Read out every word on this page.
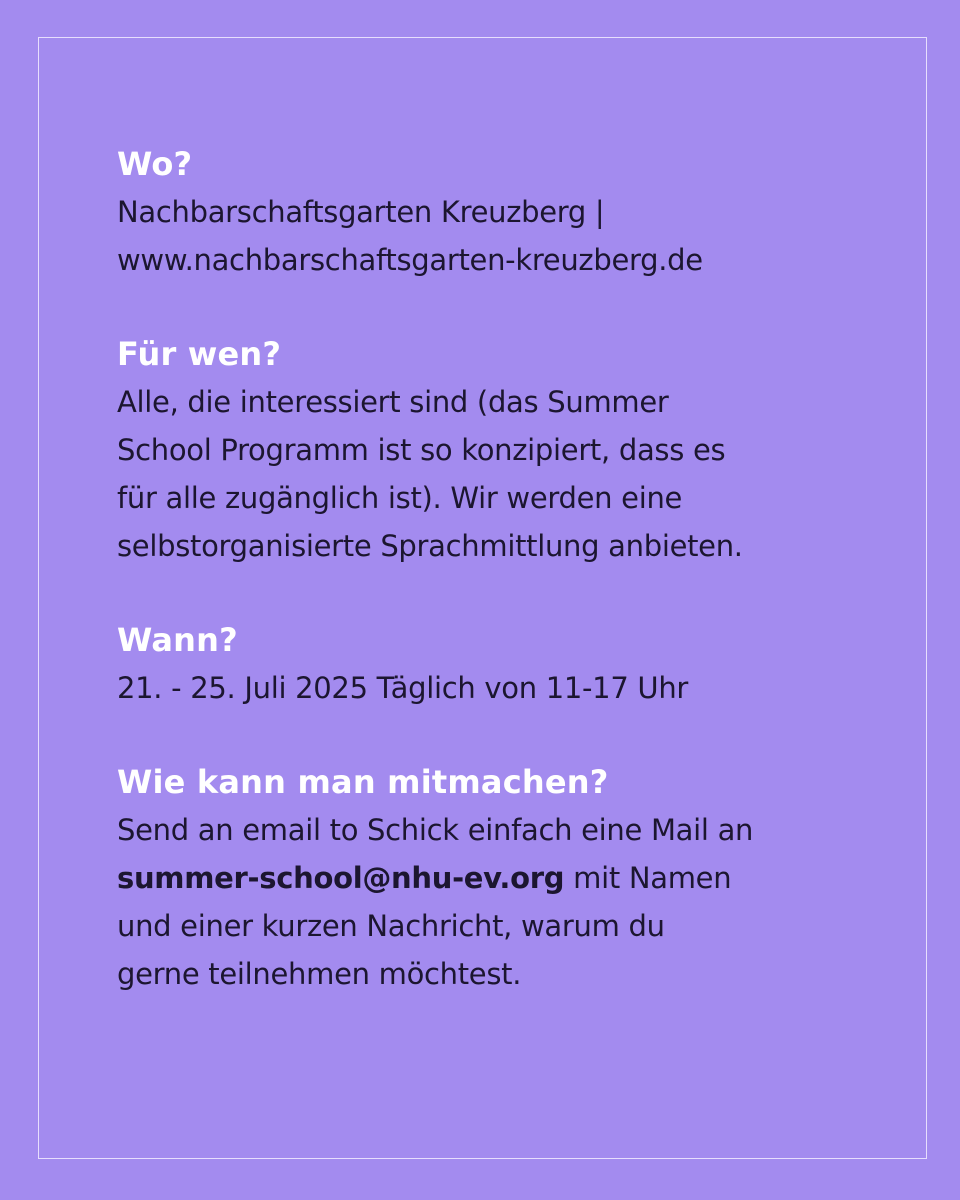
Wo?

Nachbarschaftsgarten Kreuzberg |
www.nachbarschaftsgarten-kreuzberg.de

Für wen?

Alle, die interessiert sind (das Summer
School Programm ist so konzipiert, dass es
für alle zugänglich ist). Wir werden eine
selbstorganisierte Sprachmittlung anbieten.

Wann?

21. - 25. Juli 2025 Täglich von 11-17 Uhr

Wie kann man mitmachen?

Send an email to Schick einfach eine Mail an
summer-school@nhu-ev.org mit Namen
und einer kurzen Nachricht, warum du
gerne teilnehmen möchtest.
